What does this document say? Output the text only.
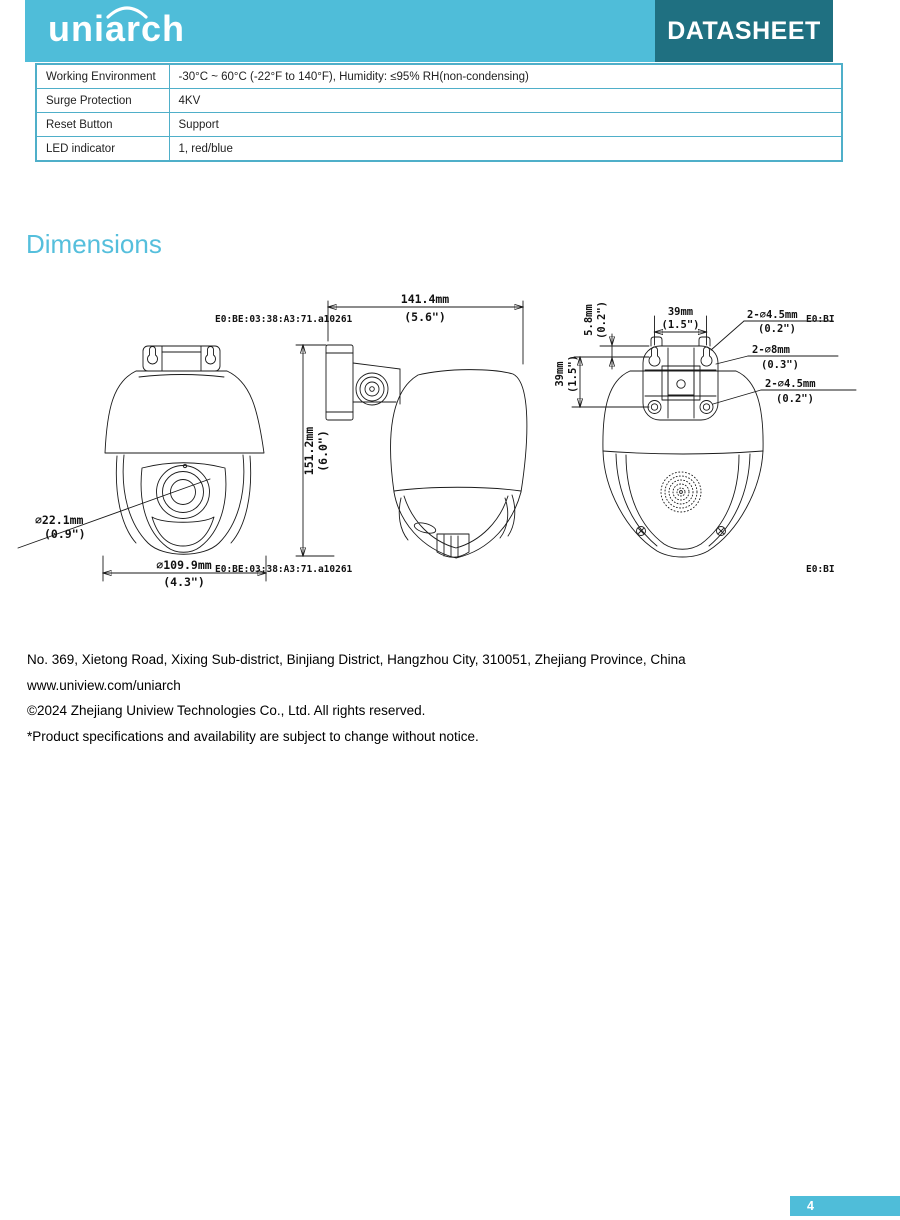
uniarch	DATASHEET
Working Environment	-30°C ~ 60°C (-22°F to 140°F), Humidity: ≤95% RH(non-condensing)
Surge Protection	4KV
Reset Button	Support
LED indicator	1, red/blue
Dimensions
E0:BE:03:38:A3:71.a10261
E0:BE:03:38:A3:71.a10261
E0:BI
E0:BI
∅22.1mm
(0.9")
∅109.9mm
(4.3")
141.4mm
(5.6")
151.2mm (6.0")
39mm
(1.5")
5.8mm (0.2")
39mm (1.5")
2-∅4.5mm
(0.2")
2-∅8mm
(0.3")
2-∅4.5mm
(0.2")
No. 369, Xietong Road, Xixing Sub-district, Binjiang District, Hangzhou City, 310051, Zhejiang Province, China
www.uniview.com/uniarch
©2024 Zhejiang Uniview Technologies Co., Ltd. All rights reserved.
*Product specifications and availability are subject to change without notice.
4
